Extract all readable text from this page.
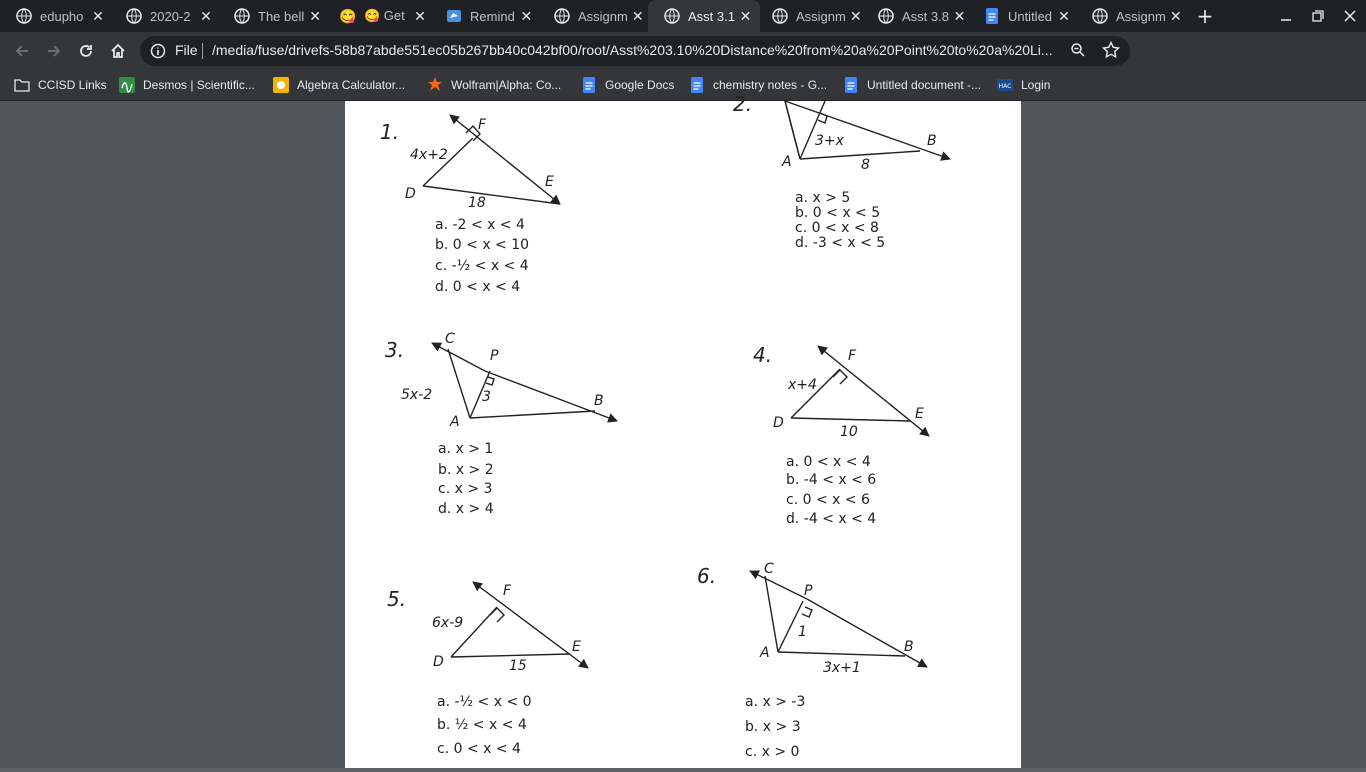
edupho ✕	2020-2 ✕	The bell ✕ 😋 😋 Get ✕	Remind ✕	Assignm ✕	Asst 3.1 ✕	Assignm ✕	Asst 3.8 ✕	Untitled ✕	Assignm ✕ +
File /media/fuse/drivefs-58b87abde551ec05b267bb40c042bf00/root/Asst%203.10%20Distance%20from%20a%20Point%20to%20a%20Li...
CCISD Links	Desmos | Scientific...	Algebra Calculator...	Wolfram|Alpha: Co...	Google Docs	chemistry notes - G...	Untitled document -...	HAC Login
1.
2.
3.	4.
5.
6.
F
D
E
4x+2
18
a. -2 < x < 4
b. 0 < x < 10
c. -½ < x < 4
d. 0 < x < 4
A
B
3+x
8
a. x > 5
b. 0 < x < 5
c. 0 < x < 8
d. -3 < x < 5
C
P
A
B
5x-2	3
a. x > 1
b. x > 2
c. x > 3
d. x > 4
F
D
E
x+4
10
a. 0 < x < 4
b. -4 < x < 6
c. 0 < x < 6
d. -4 < x < 4
F
D
E
6x-9
15
a. -½ < x < 0
b. ½ < x < 4
c. 0 < x < 4
C
P
A	B
1
3x+1
a. x > -3
b. x > 3
c. x > 0
